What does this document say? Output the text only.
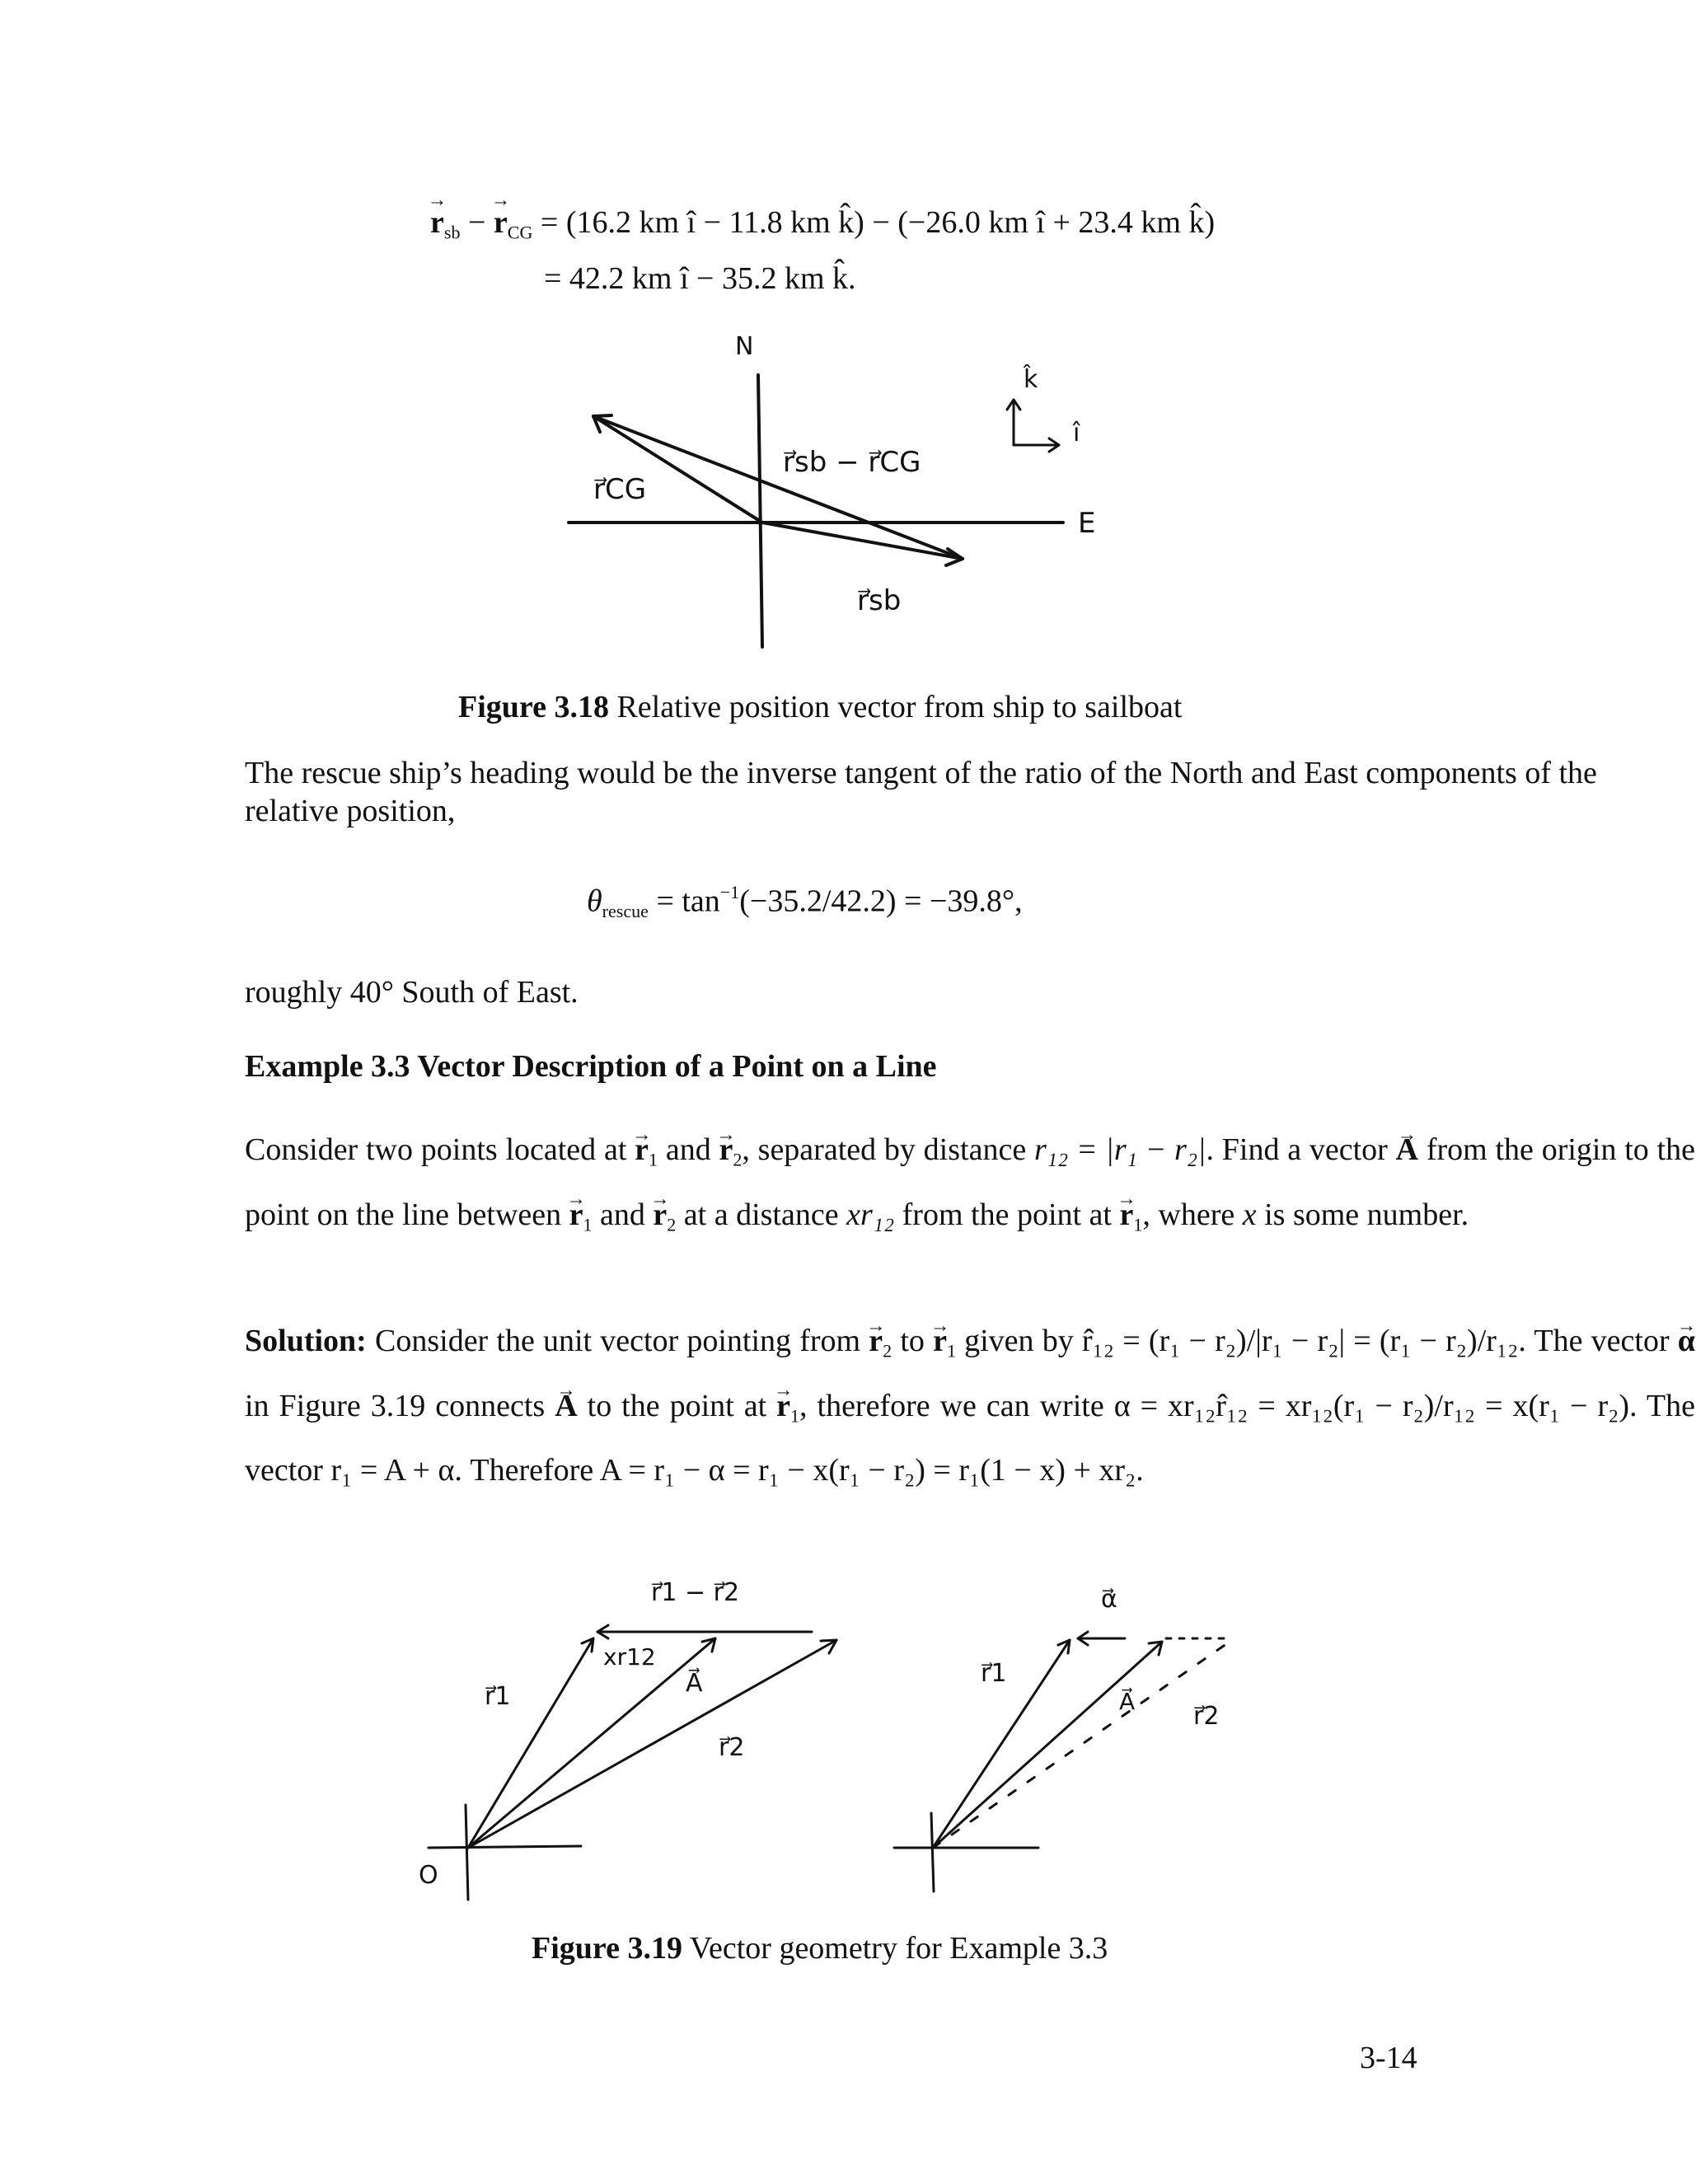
→ $r_{sb}$ − → $r_{CG} = (16.2$ km î − 11.8 km k̂) − (−26.0 km î + 23.4 km k̂)
= 42.2 km î − 35.2 km k̂.
N
E
r⃗CG
r⃗sb − r⃗CG
r⃗sb
k̂
î
Figure 3.18 Relative position vector from ship to sailboat
The rescue ship’s heading would be the inverse tangent of the ratio of the North and East components of the relative position,
$\theta_{rescue} = \tan^{-1}(-35.2/42.2) = -39.8^\circ$,
roughly 40° South of East.
Example 3.3 Vector Description of a Point on a Line
Consider two points located at → $r_1$ and → $r_2$, separated by distance r₁₂ = |r₁ − r₂|. Find a vector → A from the origin to the point on the line between → $r_1$ and → $r_2$ at a distance xr₁₂ from the point at → $r_1$, where x is some number.
Solution: Consider the unit vector pointing from → $r_2$ to → $r_1$ given by r̂₁₂ = (r₁ − r₂)/|r₁ − r₂| = (r₁ − r₂)/r₁₂. The vector → α in Figure 3.19 connects → A to the point at → $r_1$, therefore we can write α = xr₁₂r̂₁₂ = xr₁₂(r₁ − r₂)/r₁₂ = x(r₁ − r₂). The vector r₁ = A + α. Therefore A = r₁ − α = r₁ − x(r₁ − r₂) = r₁(1 − x) + xr₂.
O
r⃗1
r⃗1 − r⃗2
xr12
A⃗
r⃗2
α⃗
r⃗1
A⃗
r⃗2
Figure 3.19 Vector geometry for Example 3.3
3-14
